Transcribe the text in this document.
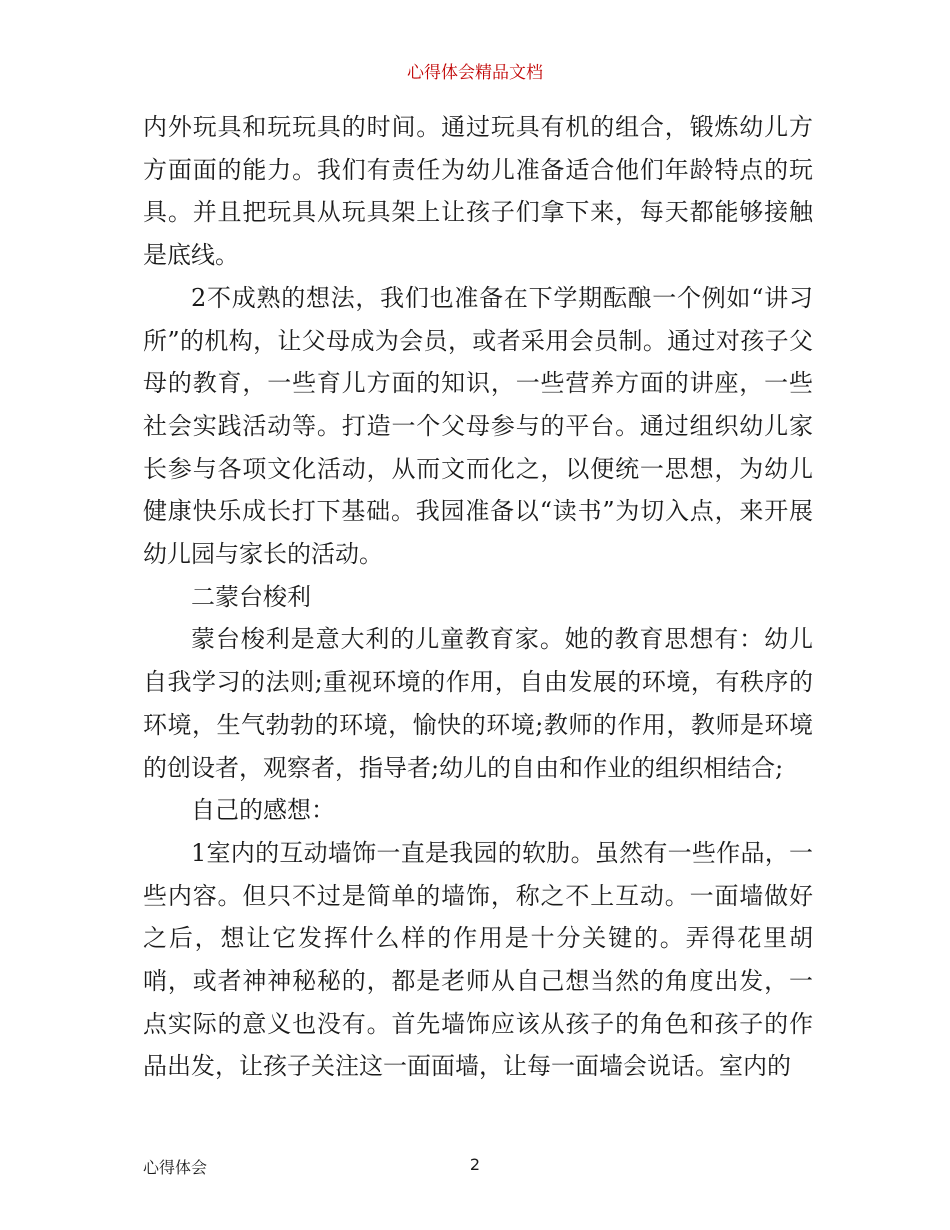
心得体会精品文档

内外玩具和玩玩具的时间。通过玩具有机的组合，锻炼幼儿方方面面的能力。我们有责任为幼儿准备适合他们年龄特点的玩具。并且把玩具从玩具架上让孩子们拿下来，每天都能够接触是底线。

2不成熟的想法，我们也准备在下学期酝酿一个例如“讲习所”的机构，让父母成为会员，或者采用会员制。通过对孩子父母的教育，一些育儿方面的知识，一些营养方面的讲座，一些社会实践活动等。打造一个父母参与的平台。通过组织幼儿家长参与各项文化活动，从而文而化之，以便统一思想，为幼儿健康快乐成长打下基础。我园准备以“读书”为切入点，来开展幼儿园与家长的活动。

二蒙台梭利

蒙台梭利是意大利的儿童教育家。她的教育思想有：幼儿自我学习的法则;重视环境的作用，自由发展的环境，有秩序的环境，生气勃勃的环境，愉快的环境;教师的作用，教师是环境的创设者，观察者，指导者;幼儿的自由和作业的组织相结合;

自己的感想：

1室内的互动墙饰一直是我园的软肋。虽然有一些作品，一些内容。但只不过是简单的墙饰，称之不上互动。一面墙做好之后，想让它发挥什么样的作用是十分关键的。弄得花里胡哨，或者神神秘秘的，都是老师从自己想当然的角度出发，一点实际的意义也没有。首先墙饰应该从孩子的角色和孩子的作品出发，让孩子关注这一面面墙，让每一面墙会说话。室内的

心得体会	2
